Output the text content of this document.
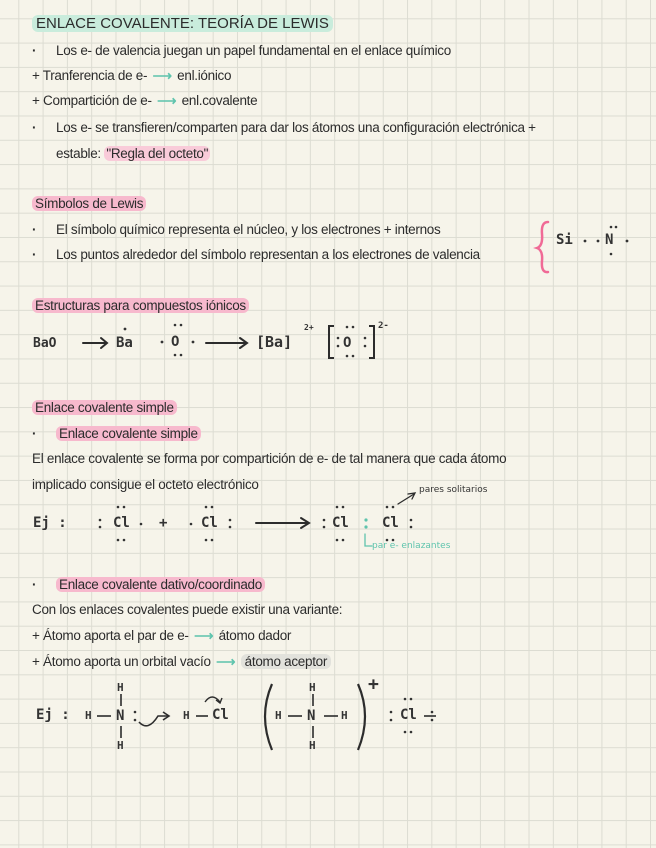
ENLACE COVALENTE: TEORÍA DE LEWIS
· Los e- de valencia juegan un papel fundamental en el enlace químico
+ Tranferencia de e- ⟶ enl.iónico
+ Compartición de e- ⟶ enl.covalente
· Los e- se transfieren/comparten para dar los átomos una configuración electrónica +
estable: "Regla del octeto"
Símbolos de Lewis
· El símbolo químico representa el núcleo, y los electrones + internos
· Los puntos alrededor del símbolo representan a los electrones de valencia
Si N
Estructuras para compuestos iónicos
BaO	Ba	O	[Ba]
2+
O
2-
Enlace covalente simple
· Enlace covalente simple
El enlace covalente se forma por compartición de e- de tal manera que cada átomo
implicado consigue el octeto electrónico
Ej :	Cl + Cl	Cl Cl
pares solitarios
par e- enlazantes
· Enlace covalente dativo/coordinado
Con los enlaces covalentes puede existir una variante:
+ Átomo aporta el par de e- ⟶ átomo dador
+ Átomo aporta un orbital vacío ⟶ átomo aceptor
Ej :
H
H N
H
H Cl
H
H N H
H
+
Cl
